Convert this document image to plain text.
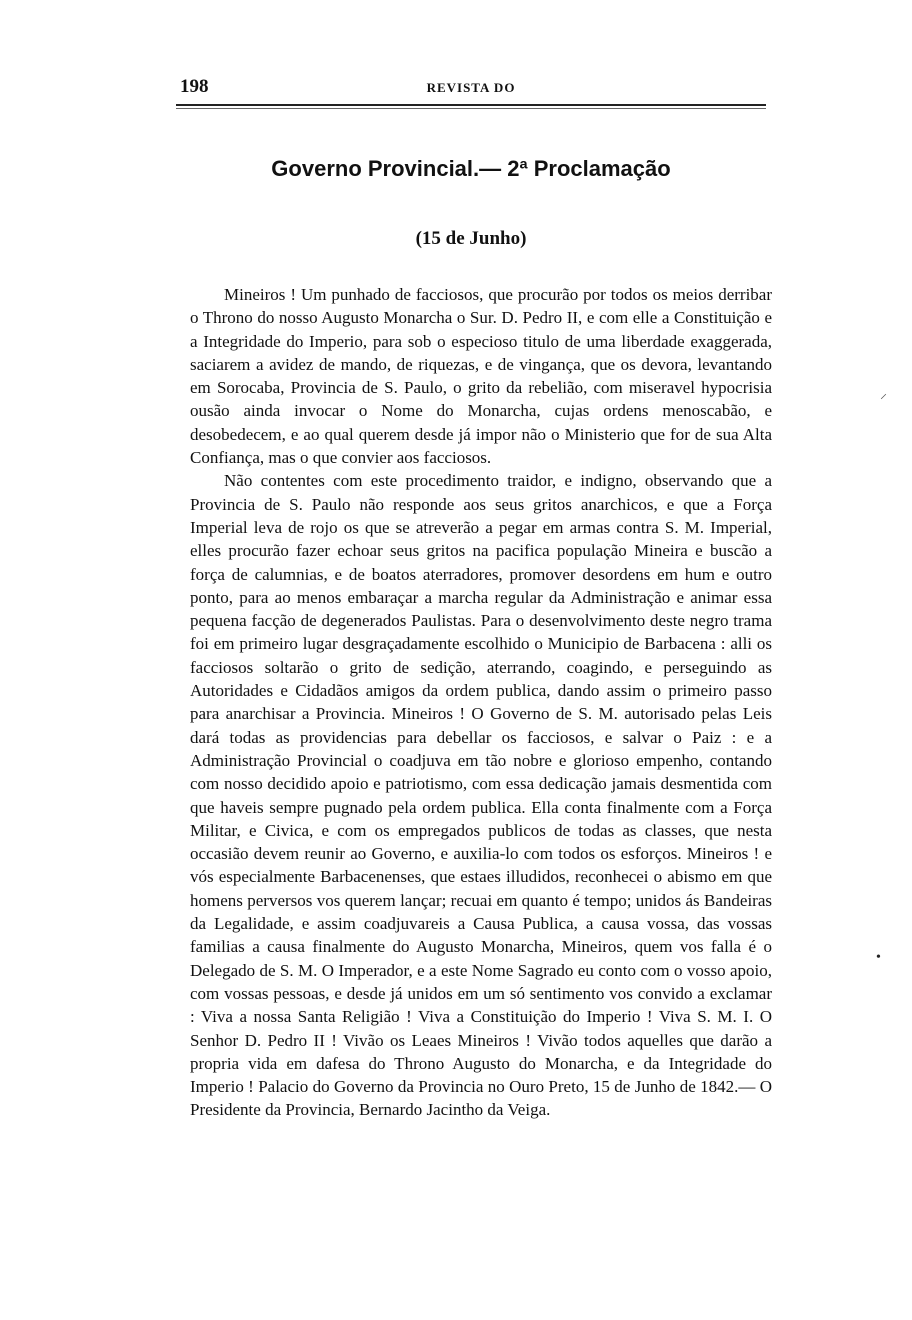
198	REVISTA DO
Governo Provincial.— 2ª Proclamação
(15 de Junho)

Mineiros ! Um punhado de facciosos, que procurão por todos os meios derribar o Throno do nosso Augusto Monarcha o Sur. D. Pedro II, e com elle a Constituição e a Integridade do Imperio, para sob o especioso titulo de uma liberdade exaggerada, saciarem a avidez de mando, de riquezas, e de vingança, que os devora, levantando em Sorocaba, Provincia de S. Paulo, o grito da rebelião, com miseravel hypocrisia ousão ainda invocar o Nome do Monarcha, cujas ordens menoscabão, e desobedecem, e ao qual querem desde já impor não o Ministerio que for de sua Alta Confiança, mas o que convier aos facciosos.

Não contentes com este procedimento traidor, e indigno, observando que a Provincia de S. Paulo não responde aos seus gritos anarchicos, e que a Força Imperial leva de rojo os que se atreverão a pegar em armas contra S. M. Imperial, elles procurão fazer echoar seus gritos na pacifica população Mineira e buscão a força de calumnias, e de boatos aterradores, promover desordens em hum e outro ponto, para ao menos embaraçar a marcha regular da Administração e animar essa pequena facção de degenerados Paulistas. Para o desenvolvimento deste negro trama foi em primeiro lugar desgraçadamente escolhido o Municipio de Barbacena : alli os facciosos soltarão o grito de sedição, aterrando, coagindo, e perseguindo as Autoridades e Cidadãos amigos da ordem publica, dando assim o primeiro passo para anarchisar a Provincia. Mineiros ! O Governo de S. M. autorisado pelas Leis dará todas as providencias para debellar os facciosos, e salvar o Paiz : e a Administração Provincial o coadjuva em tão nobre e glorioso empenho, contando com nosso decidido apoio e patriotismo, com essa dedicação jamais desmentida com que haveis sempre pugnado pela ordem publica. Ella conta finalmente com a Força Militar, e Civica, e com os empregados publicos de todas as classes, que nesta occasião devem reunir ao Governo, e auxilia-lo com todos os esforços. Mineiros ! e vós especialmente Barbacenenses, que estaes illudidos, reconhecei o abismo em que homens perversos vos querem lançar; recuai em quanto é tempo; unidos ás Bandeiras da Legalidade, e assim coadjuvareis a Causa Publica, a causa vossa, das vossas familias a causa finalmente do Augusto Monarcha, Mineiros, quem vos falla é o Delegado de S. M. O Imperador, e a este Nome Sagrado eu conto com o vosso apoio, com vossas pessoas, e desde já unidos em um só sentimento vos convido a exclamar : Viva a nossa Santa Religião ! Viva a Constituição do Imperio ! Viva S. M. I. O Senhor D. Pedro II ! Vivão os Leaes Mineiros ! Vivão todos aquelles que darão a propria vida em dafesa do Throno Augusto do Monarcha, e da Integridade do Imperio ! Palacio do Governo da Provincia no Ouro Preto, 15 de Junho de 1842.— O Presidente da Provincia, Bernardo Jacintho da Veiga.

⸝
•
